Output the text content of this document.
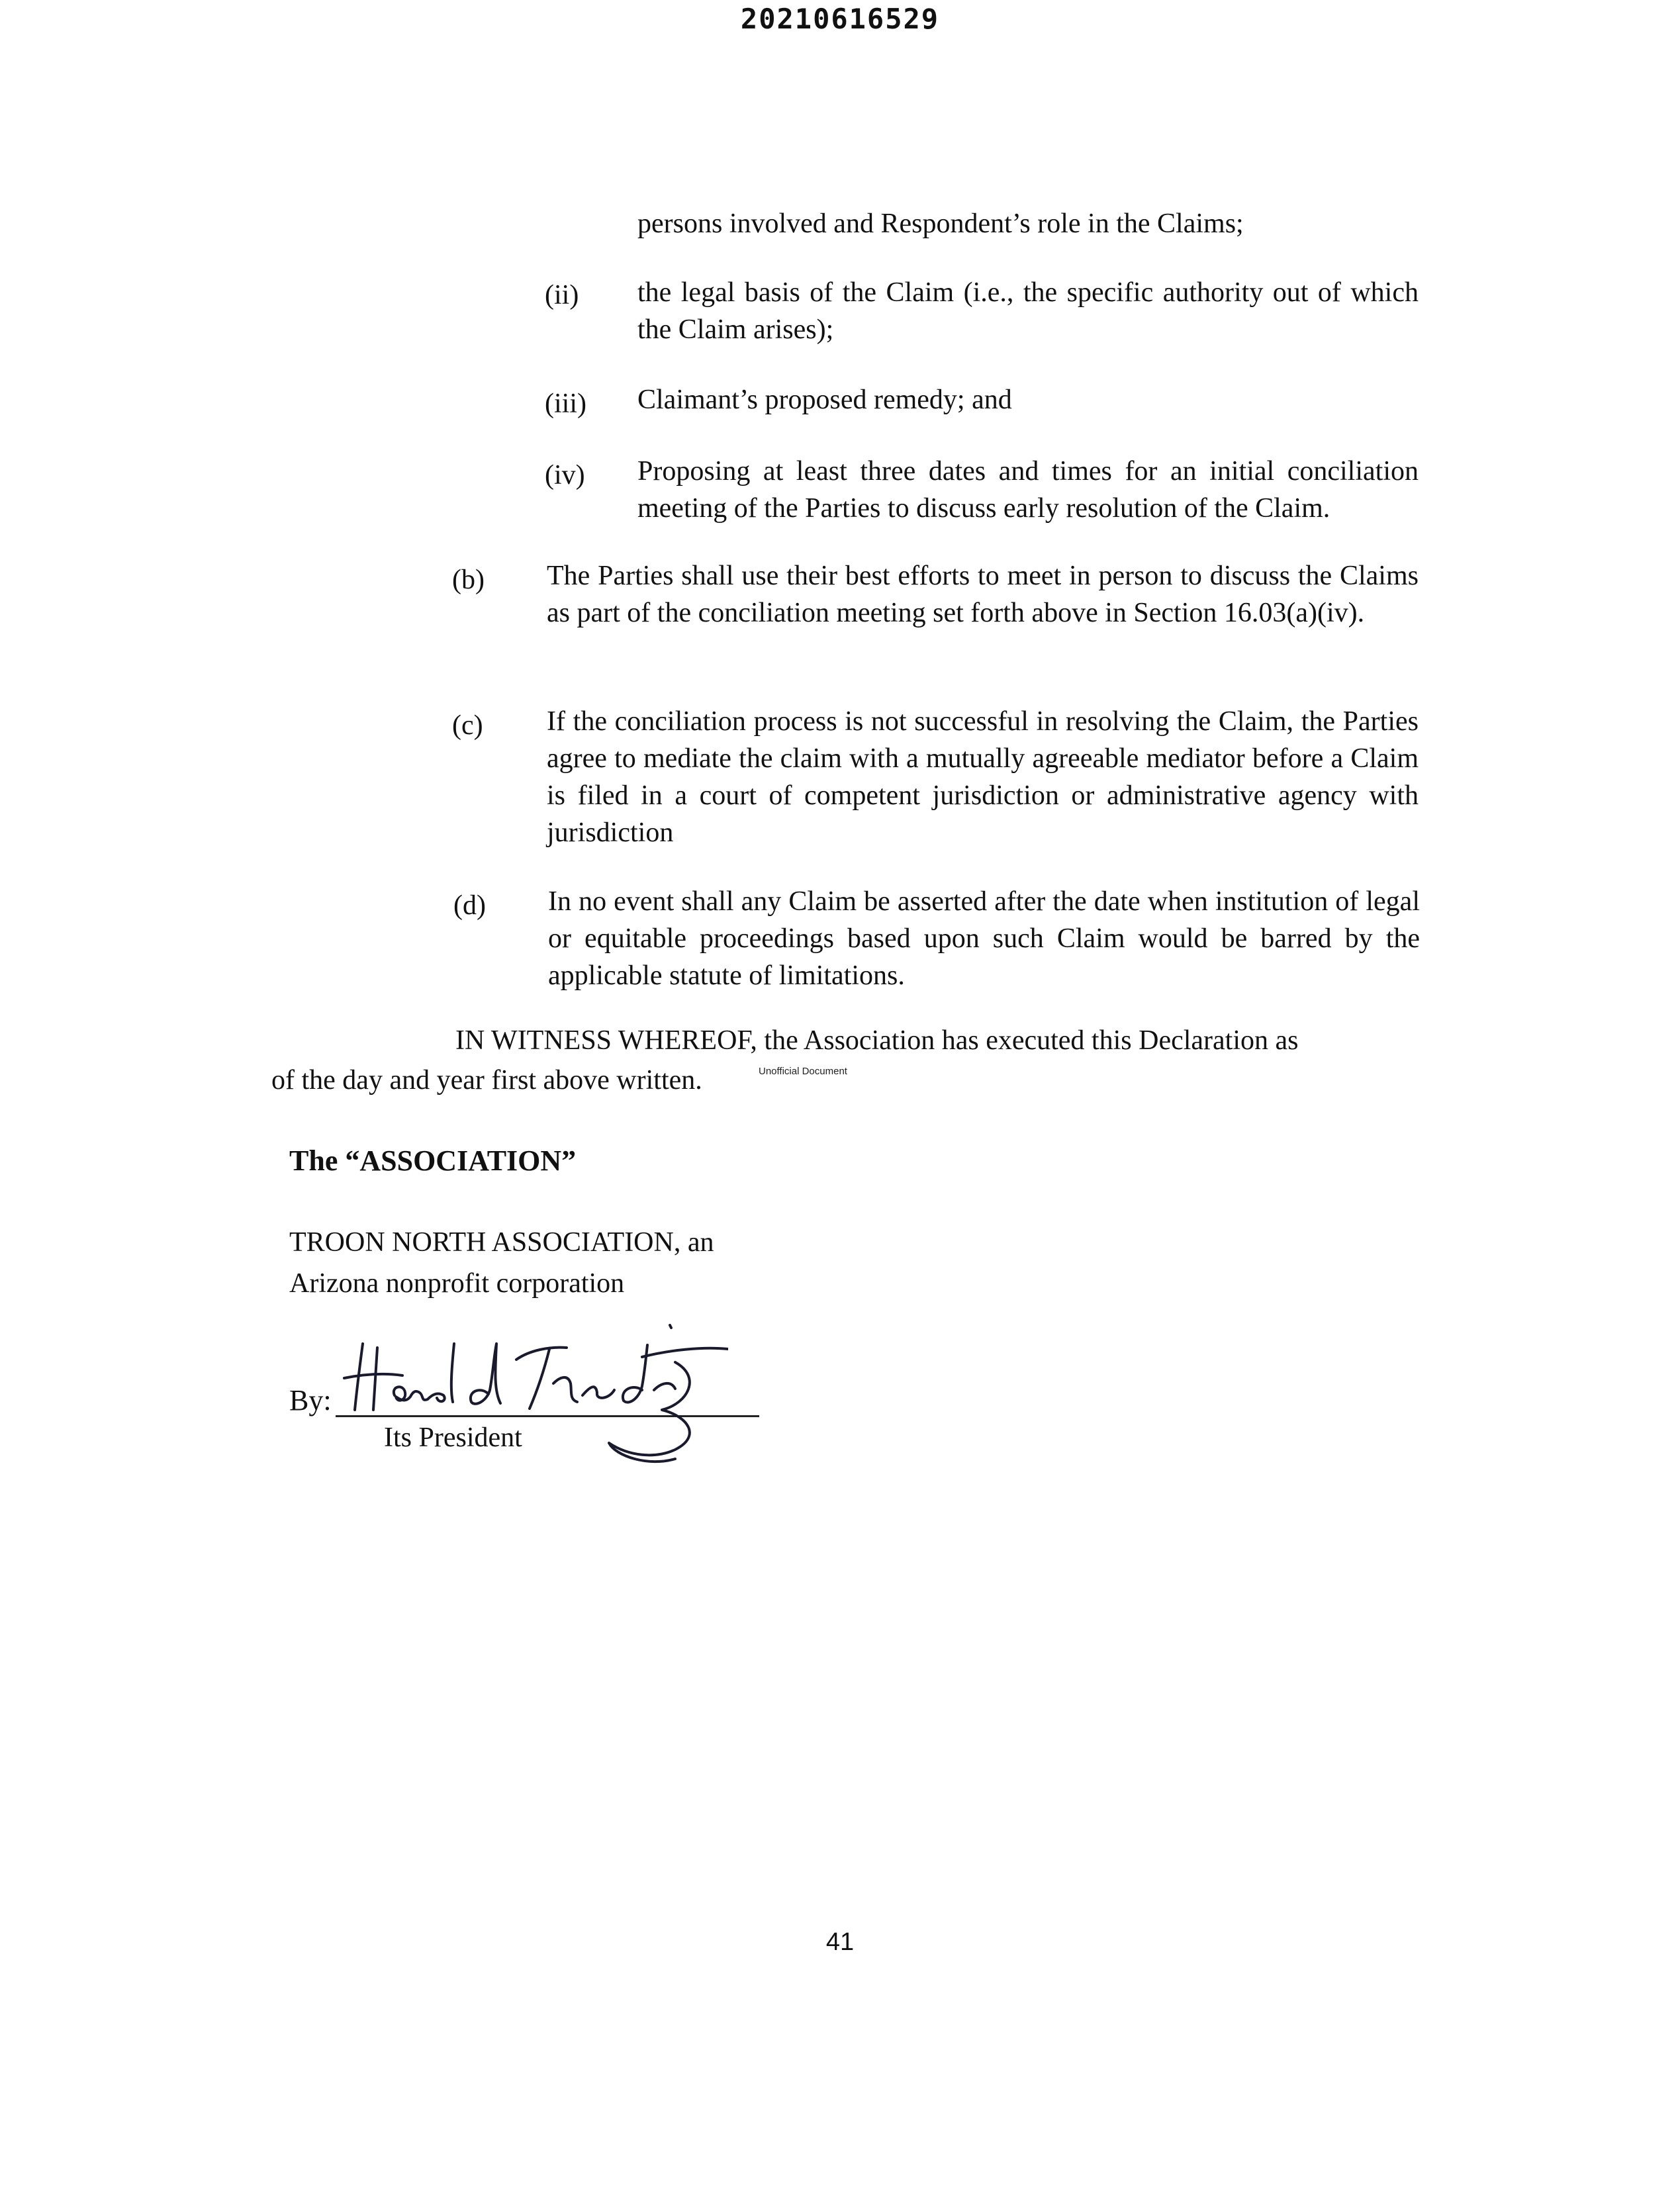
20210616529
persons involved and Respondent’s role in the Claims;
(ii) the legal basis of the Claim (i.e., the specific authority out of which the Claim arises);
(iii) Claimant’s proposed remedy; and
(iv) Proposing at least three dates and times for an initial conciliation meeting of the Parties to discuss early resolution of the Claim.
(b) The Parties shall use their best efforts to meet in person to discuss the Claims as part of the conciliation meeting set forth above in Section 16.03(a)(iv).
(c) If the conciliation process is not successful in resolving the Claim, the Parties agree to mediate the claim with a mutually agreeable mediator before a Claim is filed in a court of competent jurisdiction or administrative agency with jurisdiction
(d) In no event shall any Claim be asserted after the date when institution of legal or equitable proceedings based upon such Claim would be barred by the applicable statute of limitations.
IN WITNESS WHEREOF, the Association has executed this Declaration as
of the day and year first above written.	Unofficial Document
The “ASSOCIATION”
TROON NORTH ASSOCIATION, an
Arizona nonprofit corporation
By:
Its President
41
